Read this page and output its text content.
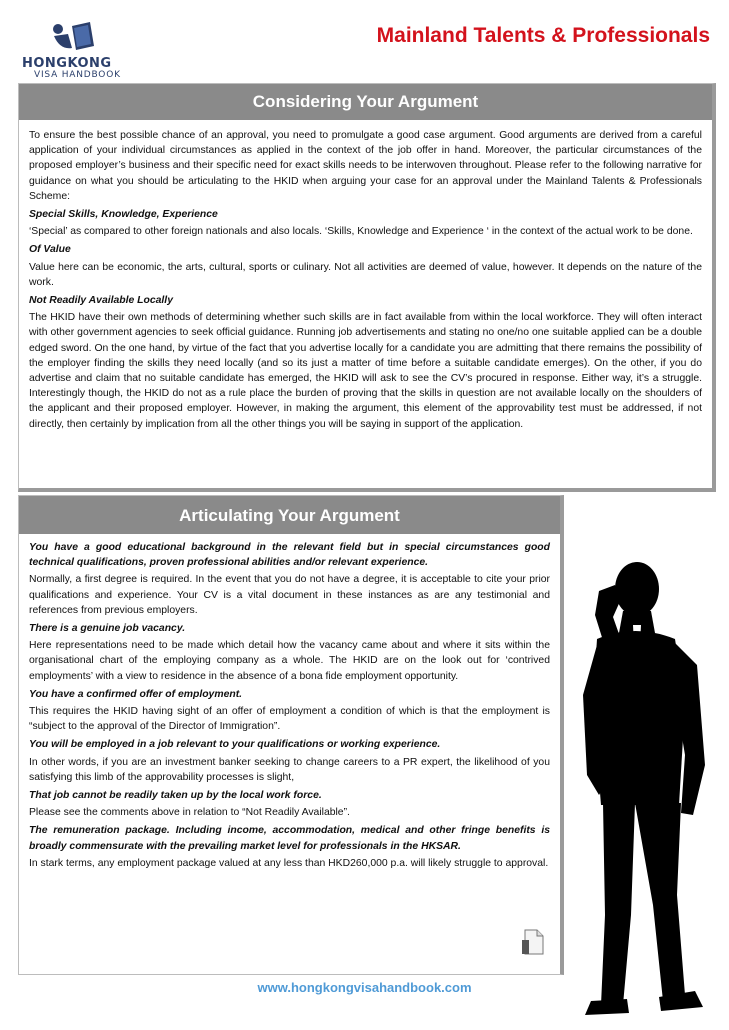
HONGKONG
VISA HANDBOOK
Mainland Talents & Professionals
Considering Your Argument

To ensure the best possible chance of an approval, you need to promulgate a good case argument. Good arguments are derived from a careful application of your individual circumstances as applied in the context of the job offer in hand. Moreover, the particular circumstances of the proposed employer’s business and their specific need for exact skills needs to be interwoven throughout. Please refer to the following narrative for guidance on what you should be articulating to the HKID when arguing your case for an approval under the Mainland Talents & Professionals Scheme:

Special Skills, Knowledge, Experience

‘Special’ as compared to other foreign nationals and also locals. ‘Skills, Knowledge and Experience ‘ in the context of the actual work to be done.

Of Value

Value here can be economic, the arts, cultural, sports or culinary. Not all activities are deemed of value, however. It depends on the nature of the work.

Not Readily Available Locally

The HKID have their own methods of determining whether such skills are in fact available from within the local workforce. They will often interact with other government agencies to seek official guidance. Running job advertisements and stating no one/no one suitable applied can be a double edged sword. On the one hand, by virtue of the fact that you advertise locally for a candidate you are admitting that there remains the possibility of the employer finding the skills they need locally (and so its just a matter of time before a suitable candidate emerges). On the other, if you do advertise and claim that no suitable candidate has emerged, the HKID will ask to see the CV’s procured in response. Either way, it’s a struggle. Interestingly though, the HKID do not as a rule place the burden of proving that the skills in question are not available locally on the shoulders of the applicant and their proposed employer. However, in making the argument, this element of the approvability test must be addressed, if not directly, then certainly by implication from all the other things you will be saying in support of the application.

Articulating Your Argument

You have a good educational background in the relevant field but in special circumstances good technical qualifications, proven professional abilities and/or relevant experience.

Normally, a first degree is required. In the event that you do not have a degree, it is acceptable to cite your prior qualifications and experience. Your CV is a vital document in these instances as are any testimonial and references from previous employers.

There is a genuine job vacancy.

Here representations need to be made which detail how the vacancy came about and where it sits within the organisational chart of the employing company as a whole. The HKID are on the look out for ‘contrived employments’ with a view to residence in the absence of a bona fide employment opportunity.

You have a confirmed offer of employment.

This requires the HKID having sight of an offer of employment a condition of which is that the employment is “subject to the approval of the Director of Immigration”.

You will be employed in a job relevant to your qualifications or working experience.

In other words, if you are an investment banker seeking to change careers to a PR expert, the likelihood of you satisfying this limb of the approvability processes is slight,

That job cannot be readily taken up by the local work force.

Please see the comments above in relation to “Not Readily Available”.

The remuneration package. Including income, accommodation, medical and other fringe benefits is broadly commensurate with the prevailing market level for professionals in the HKSAR.

In stark terms, any employment package valued at any less than HKD260,000 p.a. will likely struggle to approval.

www.hongkongvisahandbook.com
